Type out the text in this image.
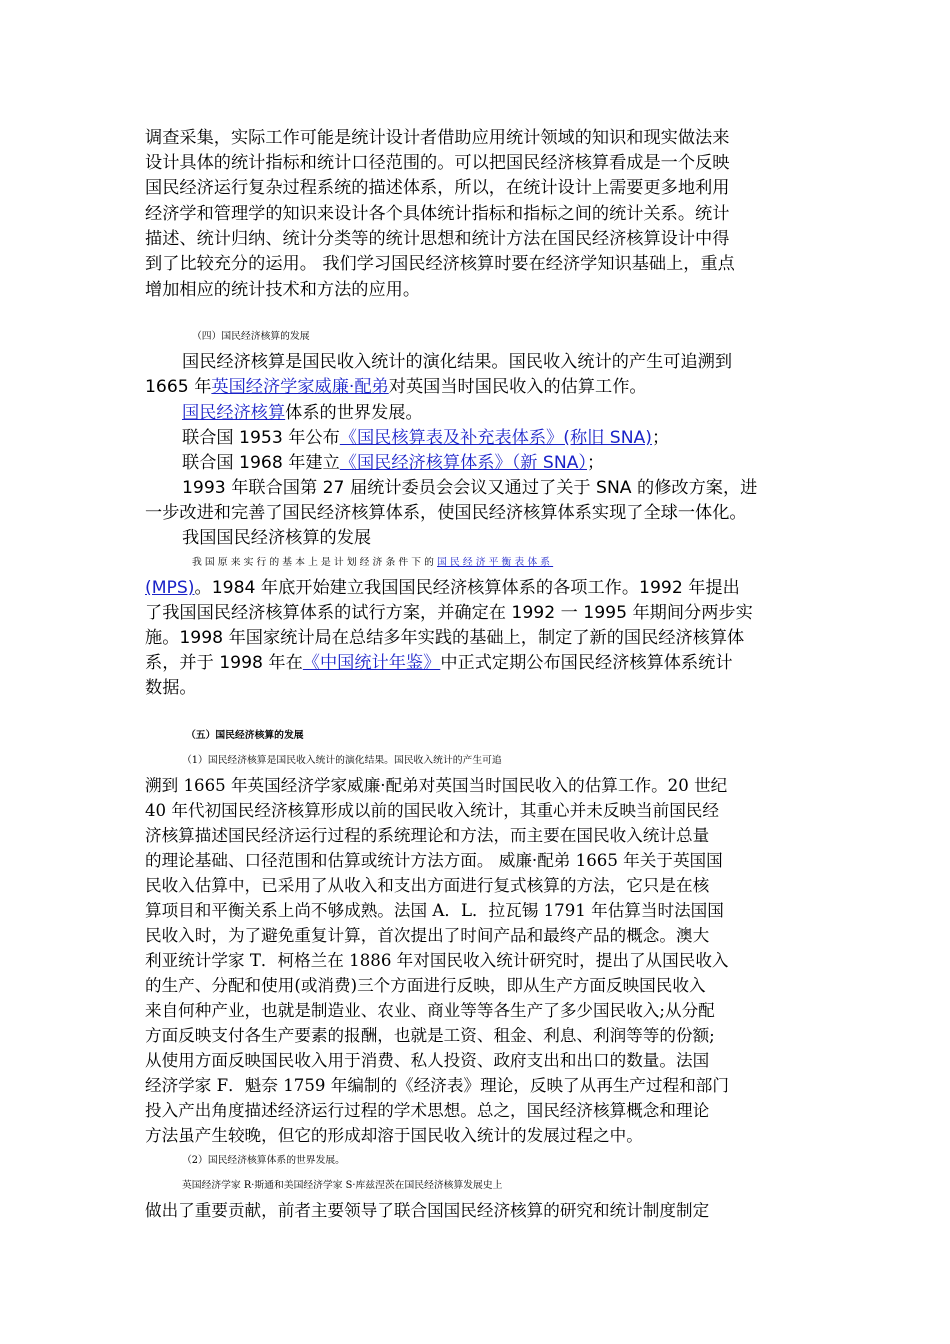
调查采集，实际工作可能是统计设计者借助应用统计领域的知识和现实做法来
设计具体的统计指标和统计口径范围的。可以把国民经济核算看成是一个反映
国民经济运行复杂过程系统的描述体系，所以，在统计设计上需要更多地利用
经济学和管理学的知识来设计各个具体统计指标和指标之间的统计关系。统计
描述、统计归纳、统计分类等的统计思想和统计方法在国民经济核算设计中得
到了比较充分的运用。 我们学习国民经济核算时要在经济学知识基础上，重点
增加相应的统计技术和方法的应用。
（四）国民经济核算的发展
国民经济核算是国民收入统计的演化结果。国民收入统计的产生可追溯到
1665 年英国经济学家威廉·配弟对英国当时国民收入的估算工作。
国民经济核算体系的世界发展。
联合国 1953 年公布《国民核算表及补充表体系》(称旧 SNA)；
联合国 1968 年建立《国民经济核算体系》（新 SNA）；
1993 年联合国第 27 届统计委员会会议又通过了关于 SNA 的修改方案，进
一步改进和完善了国民经济核算体系，使国民经济核算体系实现了全球一体化。
我国国民经济核算的发展
我国原来实行的基本上是计划经济条件下的国民经济平衡表体系
(MPS)。1984 年底开始建立我国国民经济核算体系的各项工作。1992 年提出
了我国国民经济核算体系的试行方案，并确定在 1992 一 1995 年期间分两步实
施。1998 年国家统计局在总结多年实践的基础上，制定了新的国民经济核算体
系，并于 1998 年在《中国统计年鉴》中正式定期公布国民经济核算体系统计
数据。
（五）国民经济核算的发展
（1）国民经济核算是国民收入统计的演化结果。国民收入统计的产生可追
溯到 1665 年英国经济学家威廉·配弟对英国当时国民收入的估算工作。20 世纪
40 年代初国民经济核算形成以前的国民收入统计，其重心并未反映当前国民经
济核算描述国民经济运行过程的系统理论和方法，而主要在国民收入统计总量
的理论基础、口径范围和估算或统计方法方面。 威廉·配弟 1665 年关于英国国
民收入估算中，已采用了从收入和支出方面进行复式核算的方法，它只是在核
算项目和平衡关系上尚不够成熟。法国 A．L．拉瓦锡 1791 年估算当时法国国
民收入时，为了避免重复计算，首次提出了时间产品和最终产品的概念。澳大
利亚统计学家 T．柯格兰在 1886 年对国民收入统计研究时，提出了从国民收入
的生产、分配和使用(或消费)三个方面进行反映，即从生产方面反映国民收入
来自何种产业，也就是制造业、农业、商业等等各生产了多少国民收入;从分配
方面反映支付各生产要素的报酬，也就是工资、租金、利息、利润等等的份额;
从使用方面反映国民收入用于消费、私人投资、政府支出和出口的数量。法国
经济学家 F．魁奈 1759 年编制的《经济表》理论，反映了从再生产过程和部门
投入产出角度描述经济运行过程的学术思想。总之，国民经济核算概念和理论
方法虽产生较晚，但它的形成却溶于国民收入统计的发展过程之中。
（2）国民经济核算体系的世界发展。
英国经济学家 R·斯通和美国经济学家 S·库兹涅茨在国民经济核算发展史上
做出了重要贡献，前者主要领导了联合国国民经济核算的研究和统计制度制定
